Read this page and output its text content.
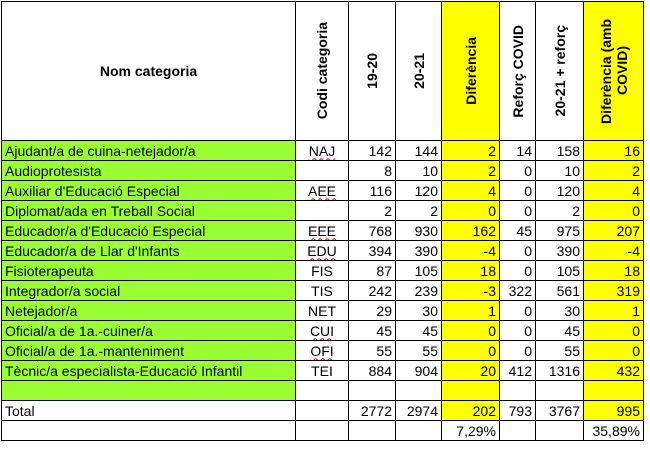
Nom categoria	Codi categoria	19-20	20-21	Diferència	Reforç COVID	20-21 + reforç	Diferència (amb COVID)

Ajudant/a de cuina-netejador/a	NAJ	142	144	2	14	158	16
Audioprotesista		8	10	2	0	10	2
Auxiliar d'Educació Especial	AEE	116	120	4	0	120	4
Diplomat/ada en Treball Social		2	2	0	0	2	0
Educador/a d'Educació Especial	EEE	768	930	162	45	975	207
Educador/a de Llar d'Infants	EDU	394	390	-4	0	390	-4
Fisioterapeuta	FIS	87	105	18	0	105	18
Integrador/a social	TIS	242	239	-3	322	561	319
Netejador/a	NET	29	30	1	0	30	1
Oficial/a de 1a.-cuiner/a	CUI	45	45	0	0	45	0
Oficial/a de 1a.-manteniment	OFI	55	55	0	0	55	0
Tècnic/a especialista-Educació Infantil	TEI	884	904	20	412	1316	432

Total		2772	2974	202	793	3767	995
				7,29%			35,89%
